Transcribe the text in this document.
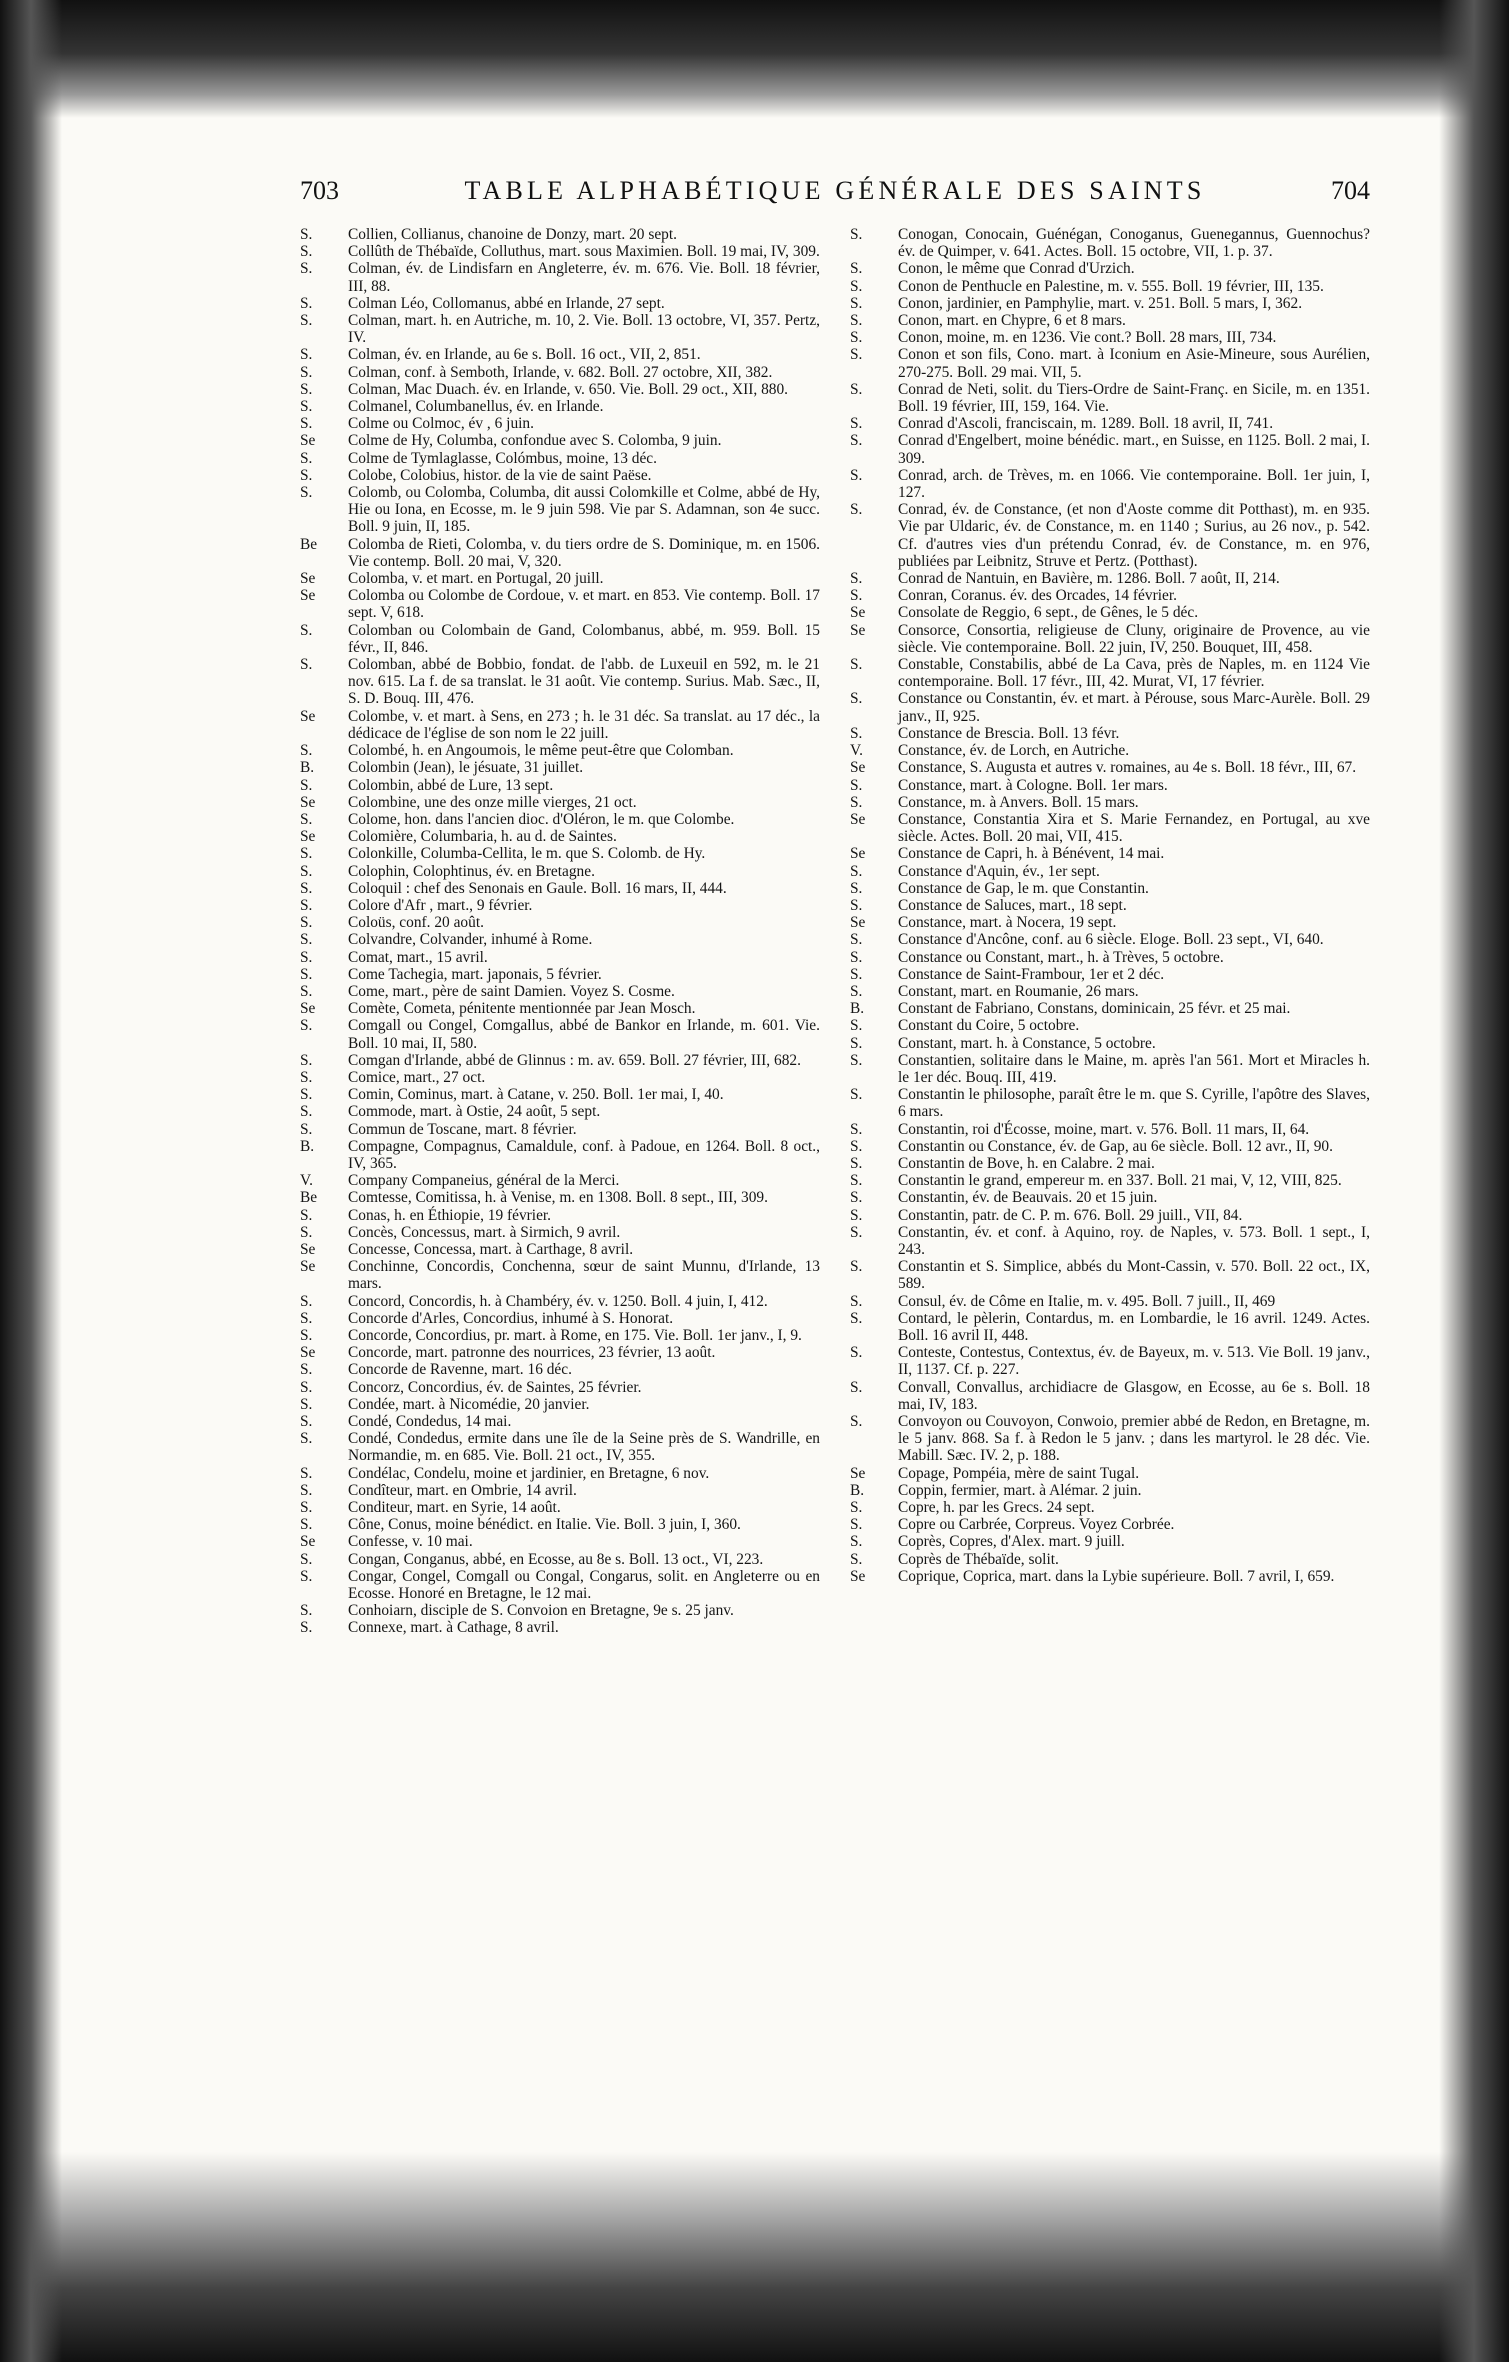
703	TABLE ALPHABÉTIQUE GÉNÉRALE DES SAINTS	704
S.	Collien, Collianus, chanoine de Donzy, mart. 20 sept.
S.	Collûth de Thébaïde, Colluthus, mart. sous Maximien. Boll. 19 mai, IV, 309.
S.	Colman, év. de Lindisfarn en Angleterre, év. m. 676. Vie. Boll. 18 février, III, 88.
S.	Colman Léo, Collomanus, abbé en Irlande, 27 sept.
S.	Colman, mart. h. en Autriche, m. 10, 2. Vie. Boll. 13 octobre, VI, 357. Pertz, IV.
S.	Colman, év. en Irlande, au 6e s. Boll. 16 oct., VII, 2, 851.
S.	Colman, conf. à Semboth, Irlande, v. 682. Boll. 27 octobre, XII, 382.
S.	Colman, Mac Duach. év. en Irlande, v. 650. Vie. Boll. 29 oct., XII, 880.
S.	Colmanel, Columbanellus, év. en Irlande.
S.	Colme ou Colmoc, év , 6 juin.
Se	Colme de Hy, Columba, confondue avec S. Colomba, 9 juin.
S.	Colme de Tymlaglasse, Colómbus, moine, 13 déc.
S.	Colobe, Colobius, histor. de la vie de saint Paëse.
S.	Colomb, ou Colomba, Columba, dit aussi Colomkille et Colme, abbé de Hy, Hie ou Iona, en Ecosse, m. le 9 juin 598. Vie par S. Adamnan, son 4e succ. Boll. 9 juin, II, 185.
Be	Colomba de Rieti, Colomba, v. du tiers ordre de S. Dominique, m. en 1506. Vie contemp. Boll. 20 mai, V, 320.
Se	Colomba, v. et mart. en Portugal, 20 juill.
Se	Colomba ou Colombe de Cordoue, v. et mart. en 853. Vie contemp. Boll. 17 sept. V, 618.
S.	Colomban ou Colombain de Gand, Colombanus, abbé, m. 959. Boll. 15 févr., II, 846.
S.	Colomban, abbé de Bobbio, fondat. de l'abb. de Luxeuil en 592, m. le 21 nov. 615. La f. de sa translat. le 31 août. Vie contemp. Surius. Mab. Sæc., II, S. D. Bouq. III, 476.
Se	Colombe, v. et mart. à Sens, en 273 ; h. le 31 déc. Sa translat. au 17 déc., la dédicace de l'église de son nom le 22 juill.
S.	Colombé, h. en Angoumois, le même peut-être que Colomban.
B.	Colombin (Jean), le jésuate, 31 juillet.
S.	Colombin, abbé de Lure, 13 sept.
Se	Colombine, une des onze mille vierges, 21 oct.
S.	Colome, hon. dans l'ancien dioc. d'Oléron, le m. que Colombe.
Se	Colomière, Columbaria, h. au d. de Saintes.
S.	Colonkille, Columba-Cellita, le m. que S. Colomb. de Hy.
S.	Colophin, Colophtinus, év. en Bretagne.
S.	Coloquil : chef des Senonais en Gaule. Boll. 16 mars, II, 444.
S.	Colore d'Afr , mart., 9 février.
S.	Coloüs, conf. 20 août.
S.	Colvandre, Colvander, inhumé à Rome.
S.	Comat, mart., 15 avril.
S.	Come Tachegia, mart. japonais, 5 février.
S.	Come, mart., père de saint Damien. Voyez S. Cosme.
Se	Comète, Cometa, pénitente mentionnée par Jean Mosch.
S.	Comgall ou Congel, Comgallus, abbé de Bankor en Irlande, m. 601. Vie. Boll. 10 mai, II, 580.
S.	Comgan d'Irlande, abbé de Glinnus : m. av. 659. Boll. 27 février, III, 682.
S.	Comice, mart., 27 oct.
S.	Comin, Cominus, mart. à Catane, v. 250. Boll. 1er mai, I, 40.
S.	Commode, mart. à Ostie, 24 août, 5 sept.
S.	Commun de Toscane, mart. 8 février.
B.	Compagne, Compagnus, Camaldule, conf. à Padoue, en 1264. Boll. 8 oct., IV, 365.
V.	Company Companeius, général de la Merci.
Be	Comtesse, Comitissa, h. à Venise, m. en 1308. Boll. 8 sept., III, 309.
S.	Conas, h. en Éthiopie, 19 février.
S.	Concès, Concessus, mart. à Sirmich, 9 avril.
Se	Concesse, Concessa, mart. à Carthage, 8 avril.
Se	Conchinne, Concordis, Conchenna, sœur de saint Munnu, d'Irlande, 13 mars.
S.	Concord, Concordis, h. à Chambéry, év. v. 1250. Boll. 4 juin, I, 412.
S.	Concorde d'Arles, Concordius, inhumé à S. Honorat.
S.	Concorde, Concordius, pr. mart. à Rome, en 175. Vie. Boll. 1er janv., I, 9.
Se	Concorde, mart. patronne des nourrices, 23 février, 13 août.
S.	Concorde de Ravenne, mart. 16 déc.
S.	Concorz, Concordius, év. de Saintes, 25 février.
S.	Condée, mart. à Nicomédie, 20 janvier.
S.	Condé, Condedus, 14 mai.
S.	Condé, Condedus, ermite dans une île de la Seine près de S. Wandrille, en Normandie, m. en 685. Vie. Boll. 21 oct., IV, 355.
S.	Condélac, Condelu, moine et jardinier, en Bretagne, 6 nov.
S.	Condîteur, mart. en Ombrie, 14 avril.
S.	Conditeur, mart. en Syrie, 14 août.
S.	Cône, Conus, moine bénédict. en Italie. Vie. Boll. 3 juin, I, 360.
Se	Confesse, v. 10 mai.
S.	Congan, Conganus, abbé, en Ecosse, au 8e s. Boll. 13 oct., VI, 223.
S.	Congar, Congel, Comgall ou Congal, Congarus, solit. en Angleterre ou en Ecosse. Honoré en Bretagne, le 12 mai.
S.	Conhoiarn, disciple de S. Convoion en Bretagne, 9e s. 25 janv.
S.	Connexe, mart. à Cathage, 8 avril.
S.	Conogan, Conocain, Guénégan, Conoganus, Guenegannus, Guennochus? év. de Quimper, v. 641. Actes. Boll. 15 octobre, VII, 1. p. 37.
S.	Conon, le même que Conrad d'Urzich.
S.	Conon de Penthucle en Palestine, m. v. 555. Boll. 19 février, III, 135.
S.	Conon, jardinier, en Pamphylie, mart. v. 251. Boll. 5 mars, I, 362.
S.	Conon, mart. en Chypre, 6 et 8 mars.
S.	Conon, moine, m. en 1236. Vie cont.? Boll. 28 mars, III, 734.
S.	Conon et son fils, Cono. mart. à Iconium en Asie-Mineure, sous Aurélien, 270-275. Boll. 29 mai. VII, 5.
S.	Conrad de Neti, solit. du Tiers-Ordre de Saint-Franç. en Sicile, m. en 1351. Boll. 19 février, III, 159, 164. Vie.
S.	Conrad d'Ascoli, franciscain, m. 1289. Boll. 18 avril, II, 741.
S.	Conrad d'Engelbert, moine bénédic. mart., en Suisse, en 1125. Boll. 2 mai, I. 309.
S.	Conrad, arch. de Trèves, m. en 1066. Vie contemporaine. Boll. 1er juin, I, 127.
S.	Conrad, év. de Constance, (et non d'Aoste comme dit Potthast), m. en 935. Vie par Uldaric, év. de Constance, m. en 1140 ; Surius, au 26 nov., p. 542. Cf. d'autres vies d'un prétendu Conrad, év. de Constance, m. en 976, publiées par Leibnitz, Struve et Pertz. (Potthast).
S.	Conrad de Nantuin, en Bavière, m. 1286. Boll. 7 août, II, 214.
S.	Conran, Coranus. év. des Orcades, 14 février.
Se	Consolate de Reggio, 6 sept., de Gênes, le 5 déc.
Se	Consorce, Consortia, religieuse de Cluny, originaire de Provence, au vie siècle. Vie contemporaine. Boll. 22 juin, IV, 250. Bouquet, III, 458.
S.	Constable, Constabilis, abbé de La Cava, près de Naples, m. en 1124 Vie contemporaine. Boll. 17 févr., III, 42. Murat, VI, 17 février.
S.	Constance ou Constantin, év. et mart. à Pérouse, sous Marc-Aurèle. Boll. 29 janv., II, 925.
S.	Constance de Brescia. Boll. 13 févr.
V.	Constance, év. de Lorch, en Autriche.
Se	Constance, S. Augusta et autres v. romaines, au 4e s. Boll. 18 févr., III, 67.
S.	Constance, mart. à Cologne. Boll. 1er mars.
S.	Constance, m. à Anvers. Boll. 15 mars.
Se	Constance, Constantia Xira et S. Marie Fernandez, en Portugal, au xve siècle. Actes. Boll. 20 mai, VII, 415.
Se	Constance de Capri, h. à Bénévent, 14 mai.
S.	Constance d'Aquin, év., 1er sept.
S.	Constance de Gap, le m. que Constantin.
S.	Constance de Saluces, mart., 18 sept.
Se	Constance, mart. à Nocera, 19 sept.
S.	Constance d'Ancône, conf. au 6 siècle. Eloge. Boll. 23 sept., VI, 640.
S.	Constance ou Constant, mart., h. à Trèves, 5 octobre.
S.	Constance de Saint-Frambour, 1er et 2 déc.
S.	Constant, mart. en Roumanie, 26 mars.
B.	Constant de Fabriano, Constans, dominicain, 25 févr. et 25 mai.
S.	Constant du Coire, 5 octobre.
S.	Constant, mart. h. à Constance, 5 octobre.
S.	Constantien, solitaire dans le Maine, m. après l'an 561. Mort et Miracles h. le 1er déc. Bouq. III, 419.
S.	Constantin le philosophe, paraît être le m. que S. Cyrille, l'apôtre des Slaves, 6 mars.
S.	Constantin, roi d'Écosse, moine, mart. v. 576. Boll. 11 mars, II, 64.
S.	Constantin ou Constance, év. de Gap, au 6e siècle. Boll. 12 avr., II, 90.
S.	Constantin de Bove, h. en Calabre. 2 mai.
S.	Constantin le grand, empereur m. en 337. Boll. 21 mai, V, 12, VIII, 825.
S.	Constantin, év. de Beauvais. 20 et 15 juin.
S.	Constantin, patr. de C. P. m. 676. Boll. 29 juill., VII, 84.
S.	Constantin, év. et conf. à Aquino, roy. de Naples, v. 573. Boll. 1 sept., I, 243.
S.	Constantin et S. Simplice, abbés du Mont-Cassin, v. 570. Boll. 22 oct., IX, 589.
S.	Consul, év. de Côme en Italie, m. v. 495. Boll. 7 juill., II, 469
S.	Contard, le pèlerin, Contardus, m. en Lombardie, le 16 avril. 1249. Actes. Boll. 16 avril II, 448.
S.	Conteste, Contestus, Contextus, év. de Bayeux, m. v. 513. Vie Boll. 19 janv., II, 1137. Cf. p. 227.
S.	Convall, Convallus, archidiacre de Glasgow, en Ecosse, au 6e s. Boll. 18 mai, IV, 183.
S.	Convoyon ou Couvoyon, Conwoio, premier abbé de Redon, en Bretagne, m. le 5 janv. 868. Sa f. à Redon le 5 janv. ; dans les martyrol. le 28 déc. Vie. Mabill. Sæc. IV. 2, p. 188.
Se	Copage, Pompéia, mère de saint Tugal.
B.	Coppin, fermier, mart. à Alémar. 2 juin.
S.	Copre, h. par les Grecs. 24 sept.
S.	Copre ou Carbrée, Corpreus. Voyez Corbrée.
S.	Coprès, Copres, d'Alex. mart. 9 juill.
S.	Coprès de Thébaïde, solit.
Se	Coprique, Coprica, mart. dans la Lybie supérieure. Boll. 7 avril, I, 659.
